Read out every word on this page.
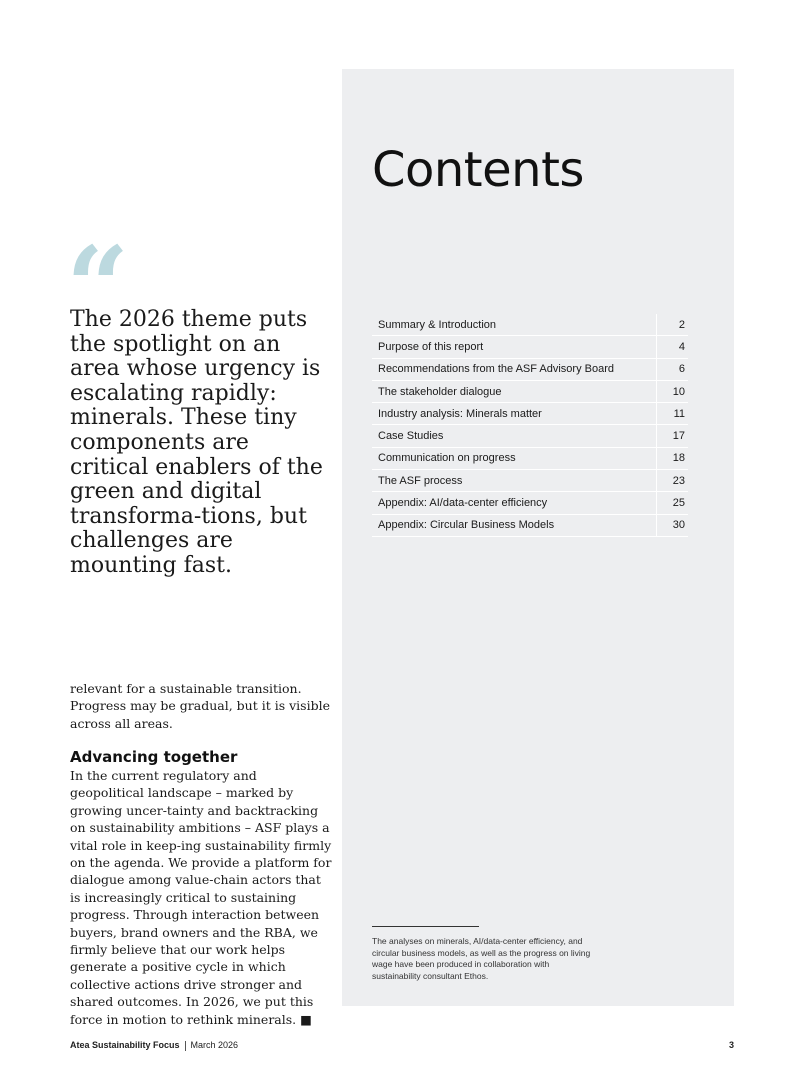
Contents
Summary & Introduction	2
Purpose of this report	4
Recommendations from the ASF Advisory Board	6
The stakeholder dialogue	10
Industry analysis: Minerals matter	11
Case Studies	17
Communication on progress	18
The ASF process	23
Appendix: AI/data-center efficiency	25
Appendix: Circular Business Models	30
“

The 2026 theme puts the spotlight on an area whose urgency is escalating rapidly: minerals. These tiny components are critical enablers of the green and digital transforma-tions, but challenges are mounting fast.

relevant for a sustainable transition. Progress may be gradual, but it is visible across all areas.

Advancing together

In the current regulatory and geopolitical landscape – marked by growing uncer-tainty and backtracking on sustainability ambitions – ASF plays a vital role in keep-ing sustainability firmly on the agenda. We provide a platform for dialogue among value-chain actors that is increasingly critical to sustaining progress. Through interaction between buyers, brand owners and the RBA, we firmly believe that our work helps generate a positive cycle in which collective actions drive stronger and shared outcomes. In 2026, we put this force in motion to rethink minerals. ■

The analyses on minerals, AI/data-center efficiency, and circular business models, as well as the progress on living wage have been produced in collaboration with sustainability consultant Ethos.

Atea Sustainability Focus March 2026	3
